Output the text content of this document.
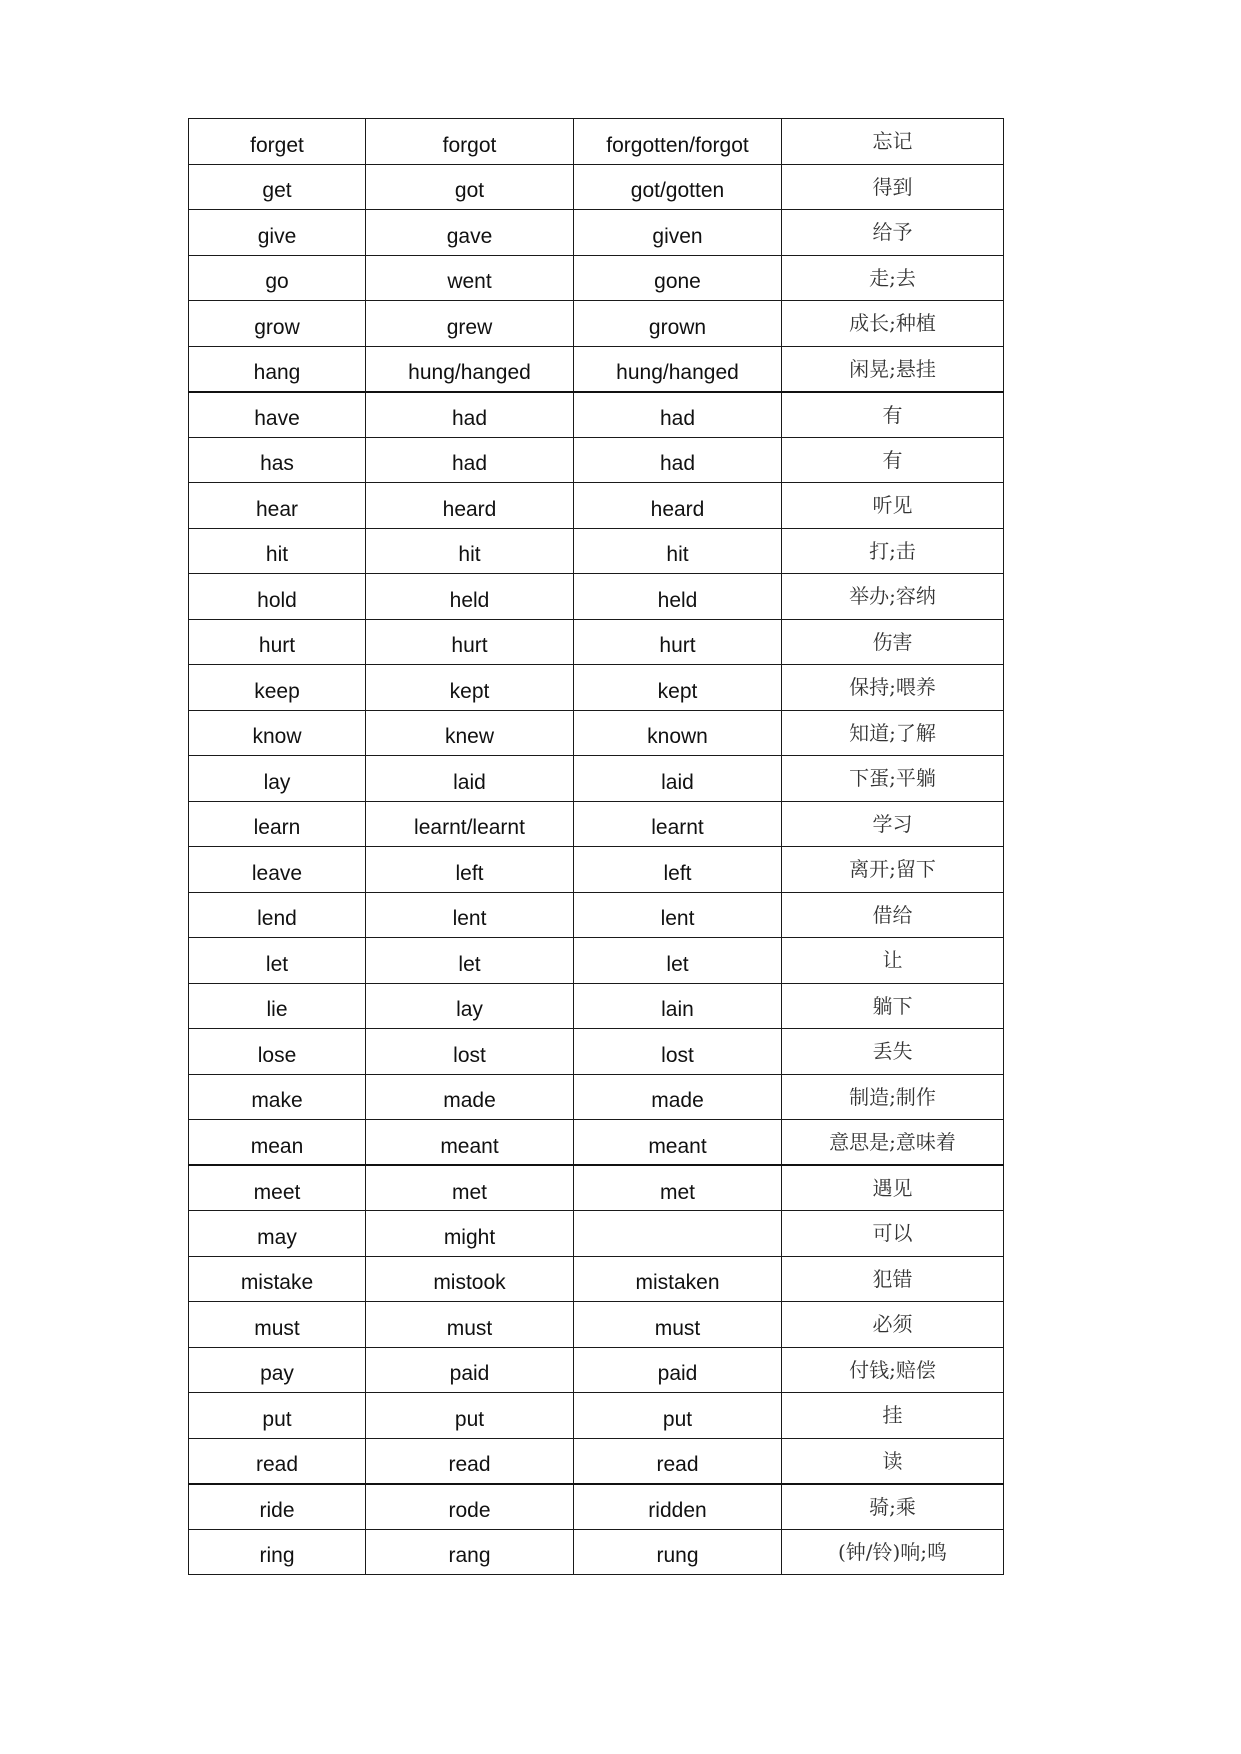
forget	forgot	forgotten/forgot	忘记
get	got	got/gotten	得到
give	gave	given	给予
go	went	gone	走;去
grow	grew	grown	成长;种植
hang	hung/hanged	hung/hanged	闲晃;悬挂
have	had	had	有
has	had	had	有
hear	heard	heard	听见
hit	hit	hit	打;击
hold	held	held	举办;容纳
hurt	hurt	hurt	伤害
keep	kept	kept	保持;喂养
know	knew	known	知道;了解
lay	laid	laid	下蛋;平躺
learn	learnt/learnt	learnt	学习
leave	left	left	离开;留下
lend	lent	lent	借给
let	let	let	让
lie	lay	lain	躺下
lose	lost	lost	丢失
make	made	made	制造;制作
mean	meant	meant	意思是;意味着
meet	met	met	遇见
may	might		可以
mistake	mistook	mistaken	犯错
must	must	must	必须
pay	paid	paid	付钱;赔偿
put	put	put	挂
read	read	read	读
ride	rode	ridden	骑;乘
ring	rang	rung	(钟/铃)响;鸣
